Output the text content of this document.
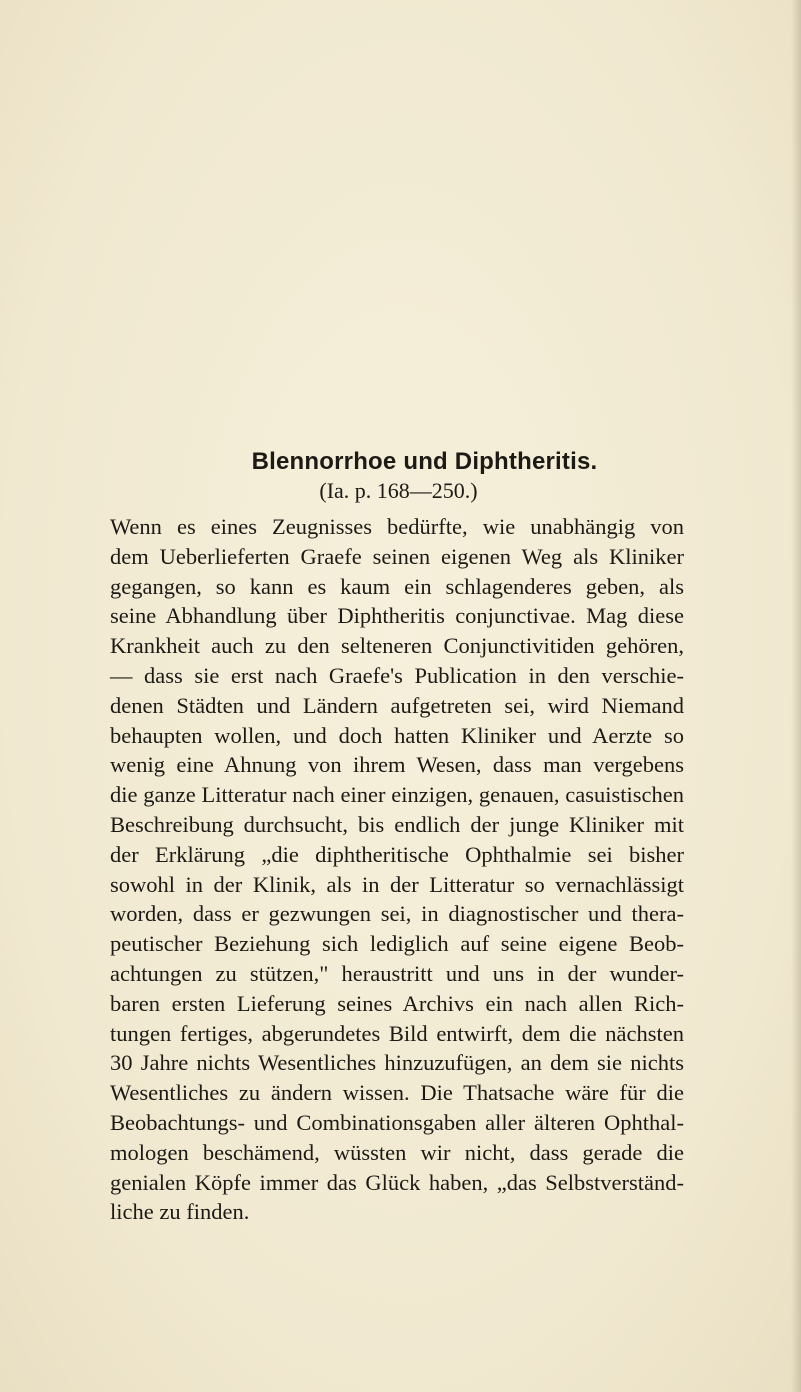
Blennorrhoe und Diphtheritis.
(Ia. p. 168—250.)
Wenn es eines Zeugnisses bedürfte, wie unabhängig von
dem Ueberlieferten Graefe seinen eigenen Weg als Kliniker
gegangen, so kann es kaum ein schlagenderes geben, als
seine Abhandlung über Diphtheritis conjunctivae. Mag diese
Krankheit auch zu den selteneren Conjunctivitiden gehören,
— dass sie erst nach Graefe's Publication in den verschie-
denen Städten und Ländern aufgetreten sei, wird Niemand
behaupten wollen, und doch hatten Kliniker und Aerzte so
wenig eine Ahnung von ihrem Wesen, dass man vergebens
die ganze Litteratur nach einer einzigen, genauen, casuistischen
Beschreibung durchsucht, bis endlich der junge Kliniker mit
der Erklärung „die diphtheritische Ophthalmie sei bisher
sowohl in der Klinik, als in der Litteratur so vernachlässigt
worden, dass er gezwungen sei, in diagnostischer und thera-
peutischer Beziehung sich lediglich auf seine eigene Beob-
achtungen zu stützen," heraustritt und uns in der wunder-
baren ersten Lieferung seines Archivs ein nach allen Rich-
tungen fertiges, abgerundetes Bild entwirft, dem die nächsten
30 Jahre nichts Wesentliches hinzuzufügen, an dem sie nichts
Wesentliches zu ändern wissen. Die Thatsache wäre für die
Beobachtungs- und Combinationsgaben aller älteren Ophthal-
mologen beschämend, wüssten wir nicht, dass gerade die
genialen Köpfe immer das Glück haben, „das Selbstverständ-
liche zu finden.
